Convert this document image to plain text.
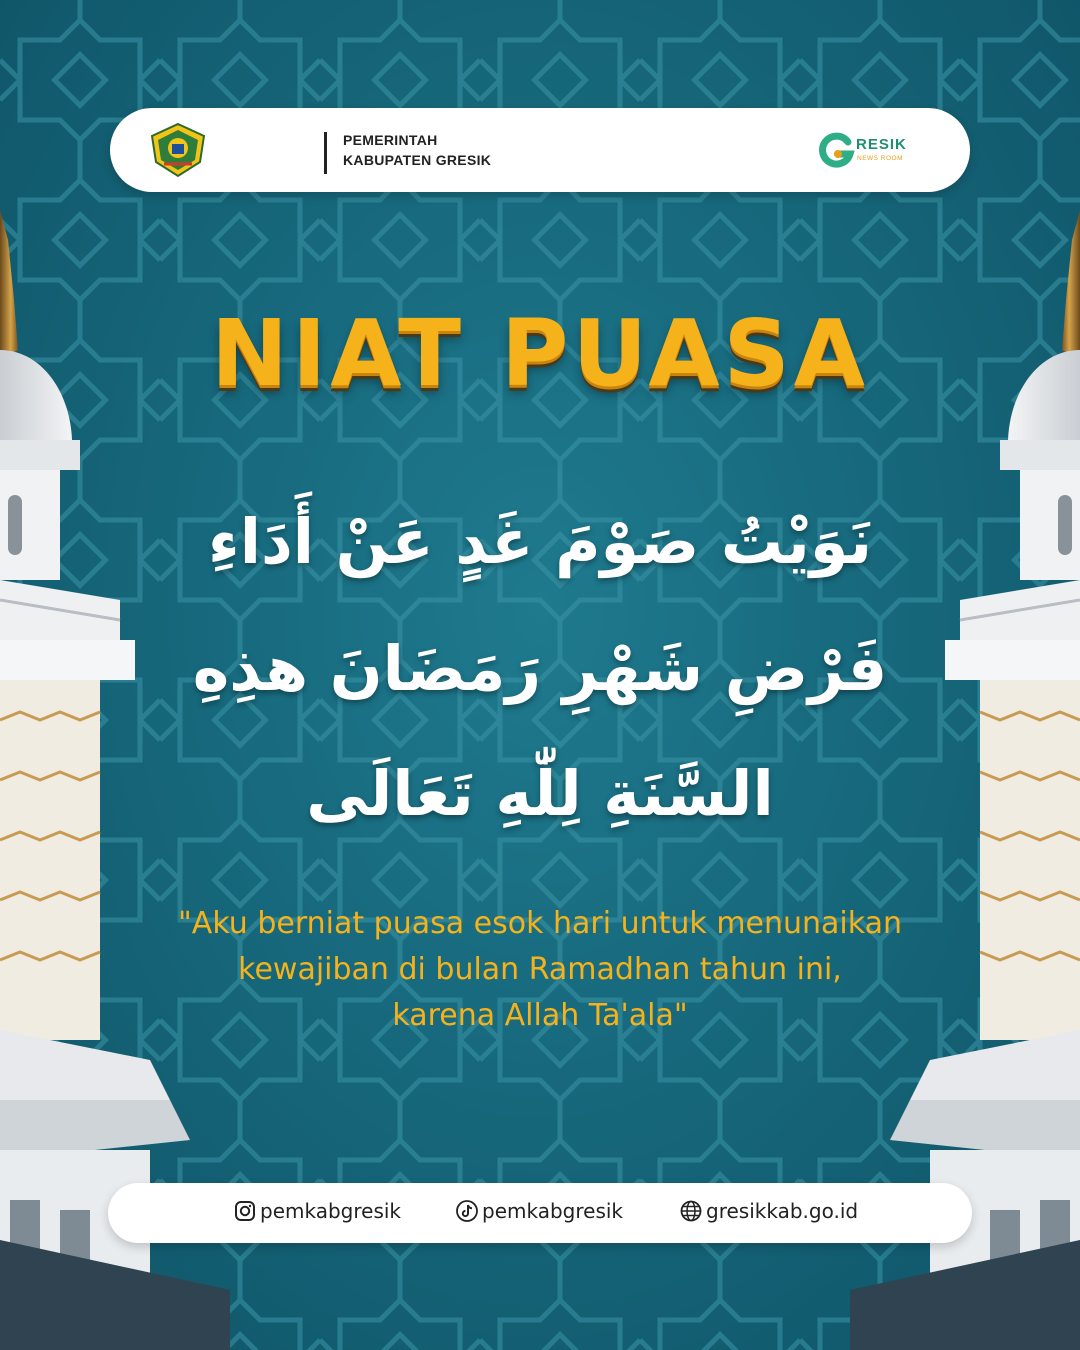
PEMERINTAH
KABUPATEN GRESIK
RESIK
NEWS ROOM
NIAT PUASA
نَوَيْتُ صَوْمَ غَدٍ عَنْ أَدَاءِ
فَرْضِ شَهْرِ رَمَضَانَ هذِهِ
السَّنَةِ لِلّٰهِ تَعَالَى
"Aku berniat puasa esok hari untuk menunaikan
kewajiban di bulan Ramadhan tahun ini,
karena Allah Ta'ala"
pemkabgresik	pemkabgresik	gresikkab.go.id
